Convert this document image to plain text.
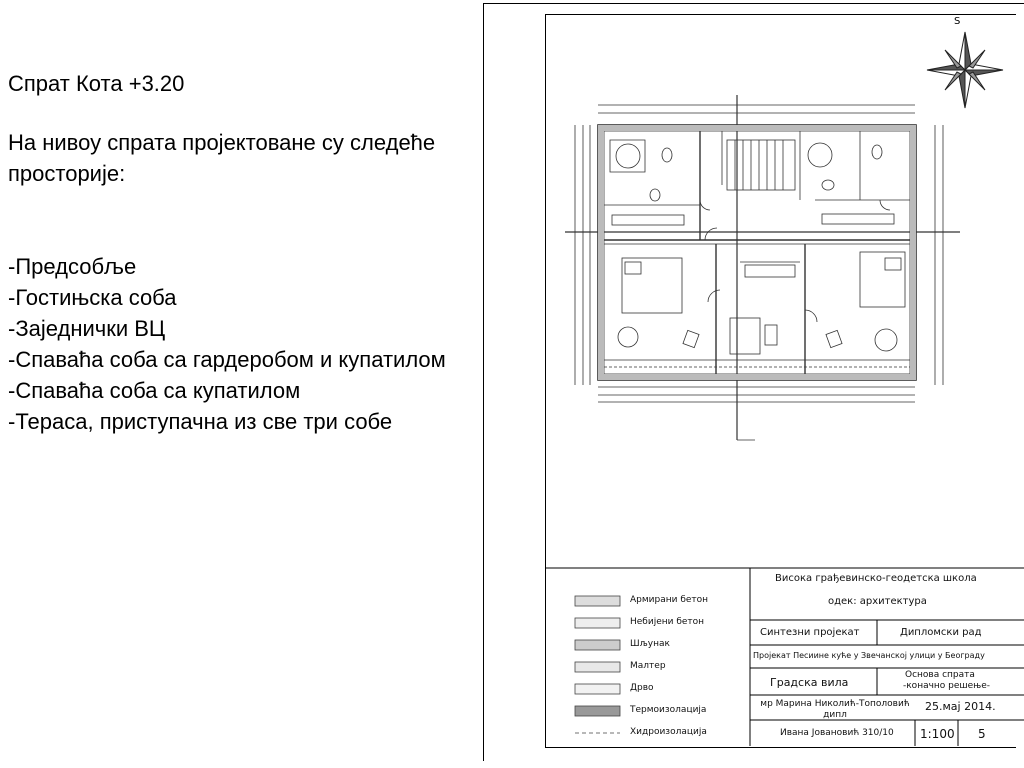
Спрат Кота +3.20

На нивоу спрата пројектоване су следеће просторије:

-Предсобље

-Гостињска соба

-Заједнички ВЦ

-Спаваћа соба са гардеробом и купатилом

-Спаваћа соба са купатилом

-Тераса, приступачна из све три собе

S
Армирани бетон
Небијени бетон
Шљунак
Малтер
Дрво
Термоизолација
Хидроизолација
Висока грађевинско-геодетска школа
одек: архитектура
Синтезни пројекат	Дипломски рад
Пројекат Песиине куће у Звечанској улици у Београду
Градска вила
Основа спрата
-коначно решење-
мр Марина Николић-Тополовић дипл
25.мај 2014.
Ивана Јовановић 310/10 1:100 5
